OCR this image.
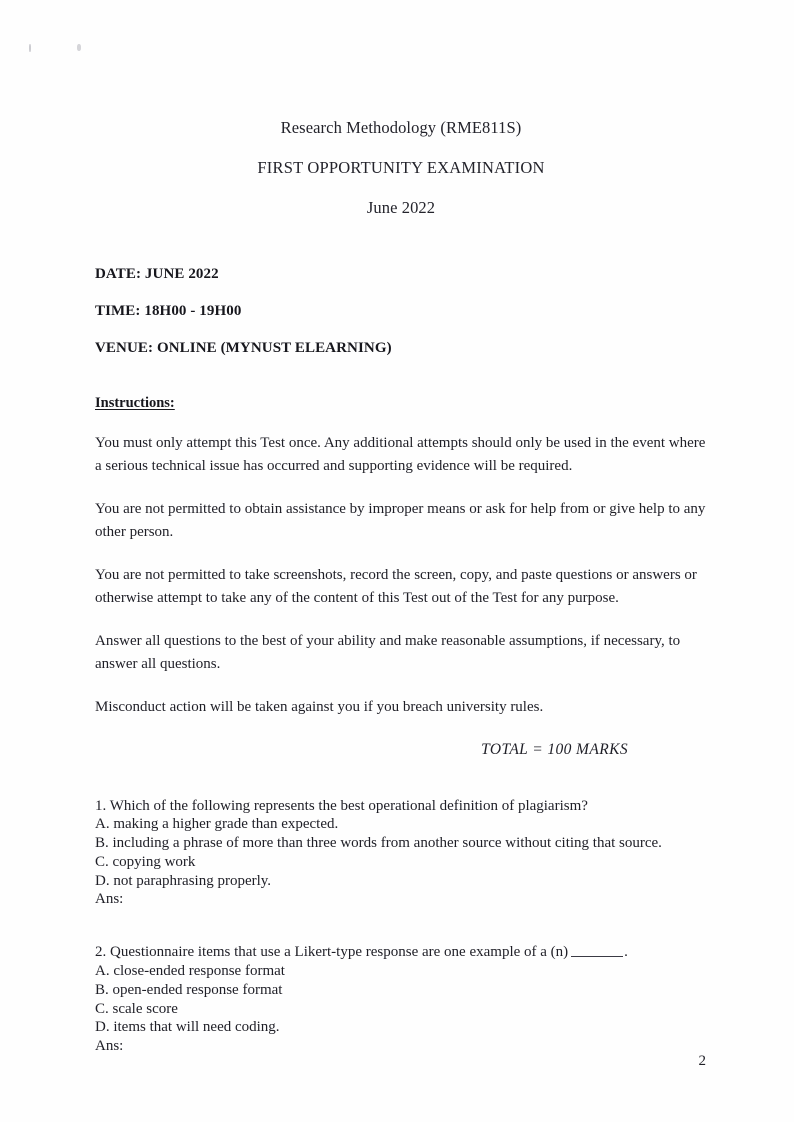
Research Methodology (RME811S)
FIRST OPPORTUNITY EXAMINATION
June 2022
DATE: JUNE 2022
TIME: 18H00 - 19H00
VENUE: ONLINE (MYNUST ELEARNING)
Instructions:
You must only attempt this Test once. Any additional attempts should only be used in the event where a serious technical issue has occurred and supporting evidence will be required.
You are not permitted to obtain assistance by improper means or ask for help from or give help to any other person.
You are not permitted to take screenshots, record the screen, copy, and paste questions or answers or otherwise attempt to take any of the content of this Test out of the Test for any purpose.
Answer all questions to the best of your ability and make reasonable assumptions, if necessary, to answer all questions.
Misconduct action will be taken against you if you breach university rules.
TOTAL = 100 MARKS
1. Which of the following represents the best operational definition of plagiarism?
A. making a higher grade than expected.
B. including a phrase of more than three words from another source without citing that source.
C. copying work
D. not paraphrasing properly.
Ans:
2. Questionnaire items that use a Likert-type response are one example of a (n)	.
A. close-ended response format
B. open-ended response format
C. scale score
D. items that will need coding.
Ans:
2
